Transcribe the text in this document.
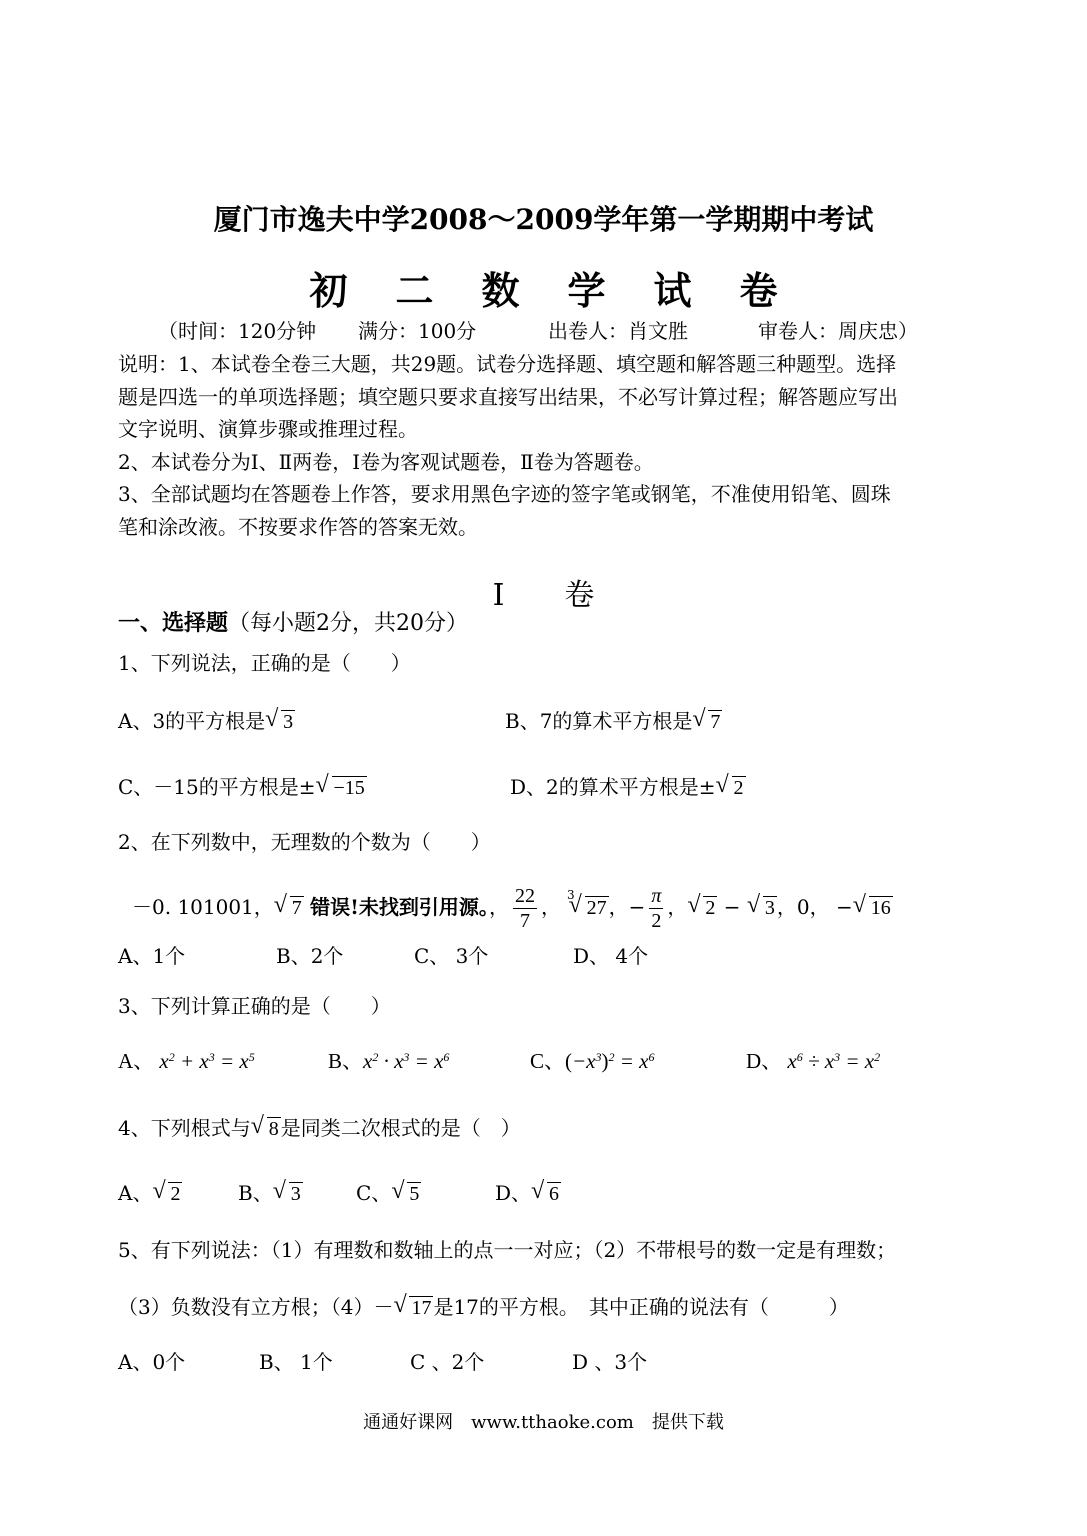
厦门市逸夫中学2008～2009学年第一学期期中考试
初 二 数 学 试 卷
（时间：120分钟 满分：100分	出卷人：肖文胜	审卷人：周庆忠）
说明：1、本试卷全卷三大题，共29题。试卷分选择题、填空题和解答题三种题型。选择
题是四选一的单项选择题；填空题只要求直接写出结果，不必写计算过程；解答题应写出
文字说明、演算步骤或推理过程。
2、本试卷分为Ⅰ、Ⅱ两卷，Ⅰ卷为客观试题卷，Ⅱ卷为答题卷。
3、全部试题均在答题卷上作答，要求用黑色字迹的签字笔或钢笔，不准使用铅笔、圆珠
笔和涂改液。不按要求作答的答案无效。
Ⅰ　　卷
一、选择题（每小题2分，共20分）
1、下列说法，正确的是（　　）
A、3的平方根是 √ 3	B、7的算术平方根是 √ 7
C、－15的平方根是± √ −15	D、2的算术平方根是± √ 2
2、在下列数中，无理数的个数为（　　）
－0. 101001， √ 7 错误!未找到引用源。， $\frac{22}{7}$ ， $^3$√ 27 ，− $\frac{\pi}{2}$ ， √ 2 − √ 3 ，0， − √ 16
A、1个	B、2个	C、 3个	D、 4个
3、下列计算正确的是（　　）
A、 $x^2 + x^3 = x^5$	B、$x^2 \cdot x^3 = x^6$	C、$(-x^3)^2 = x^6$	D、 $x^6 \div x^3 = x^2$
4、下列根式与 √ 8 是同类二次根式的是（　）
A、 √ 2	B、 √ 3	C、 √ 5	D、 √ 6
5、有下列说法：（1）有理数和数轴上的点一一对应；（2）不带根号的数一定是有理数；
（3）负数没有立方根；（4）－ √ 17 是17的平方根。　其中正确的说法有（　　　）
A、0个	B、 1个	C 、2个	D 、3个
通通好课网　www.tthaoke.com　提供下载
